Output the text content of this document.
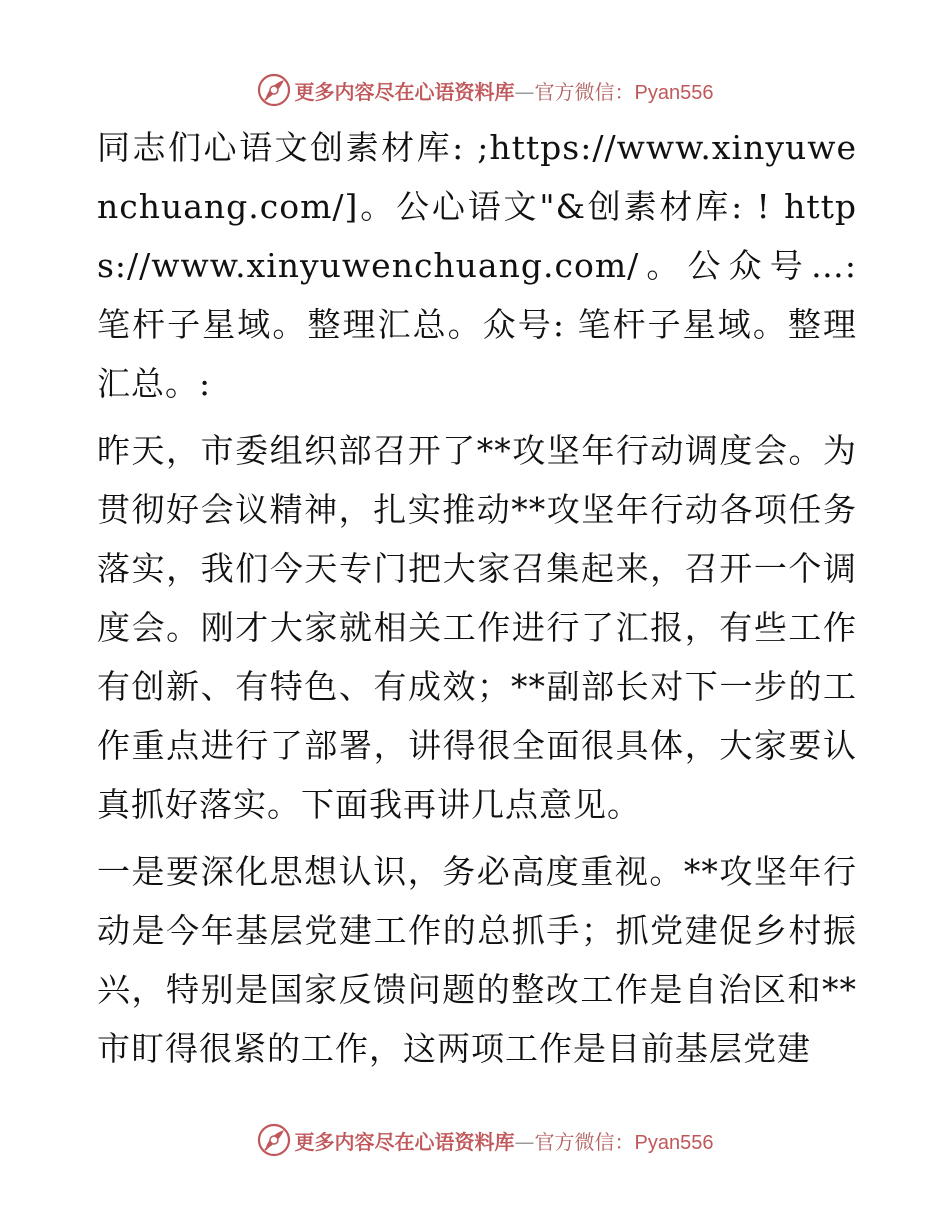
更多内容尽在心语资料库—官方微信：Pyan556

同志们心语文创素材库: ;https://www.xinyuwenchuang.com/]。公心语文"&创素材库: ! https://www.xinyuwenchuang.com/。公众号…: 笔杆子星域。整理汇总。众号: 笔杆子星域。整理汇总。:

昨天，市委组织部召开了**攻坚年行动调度会。为贯彻好会议精神，扎实推动**攻坚年行动各项任务落实，我们今天专门把大家召集起来，召开一个调度会。刚才大家就相关工作进行了汇报，有些工作有创新、有特色、有成效；**副部长对下一步的工作重点进行了部署，讲得很全面很具体，大家要认真抓好落实。下面我再讲几点意见。

一是要深化思想认识，务必高度重视。**攻坚年行动是今年基层党建工作的总抓手；抓党建促乡村振兴，特别是国家反馈问题的整改工作是自治区和**市盯得很紧的工作，这两项工作是目前基层党建

更多内容尽在心语资料库—官方微信：Pyan556
